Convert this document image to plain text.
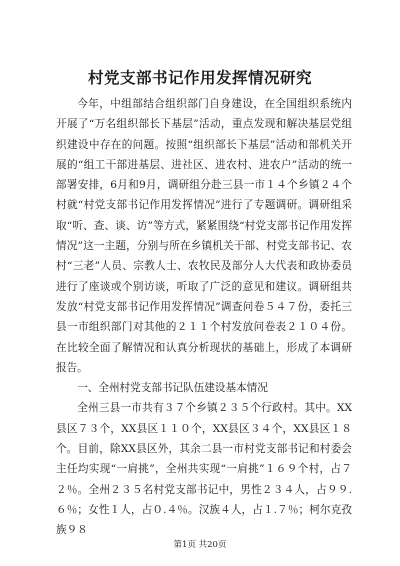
村党支部书记作用发挥情况研究

今年，中组部结合组织部门自身建设，在全国组织系统内开展了“万名组织部长下基层”活动，重点发现和解决基层党组织建设中存在的问题。按照“组织部长下基层”活动和部机关开展的“组工干部进基层、进社区、进农村、进农户”活动的统一部署安排，6月和9月，调研组分赴三县一市１４个乡镇２４个村就“村党支部书记作用发挥情况”进行了专题调研。调研组采取“听、查、谈、访”等方式，紧紧围绕“村党支部书记作用发挥情况”这一主题，分别与所在乡镇机关干部、村党支部书记、农村“三老”人员、宗教人士、农牧民及部分人大代表和政协委员进行了座谈或个别访谈，听取了广泛的意见和建议。调研组共发放“村党支部书记作用发挥情况”调查问卷５４７份，委托三县一市组织部门对其他的２１１个村发放问卷表２１０４份。在比较全面了解情况和认真分析现状的基础上，形成了本调研报告。

一、全州村党支部书记队伍建设基本情况

全州三县一市共有３７个乡镇２３５个行政村。其中。XX县区７３个，XX县区１１０个，XX县区３４个，XX县区１８个。目前，除XX县区外，其余二县一市村党支部书记和村委会主任均实现“一肩挑”，全州共实现“一肩挑”１６９个村，占７２％。全州２３５名村党支部书记中，男性２３４人，占９９.６％；女性１人，占０.４％。汉族４人，占１.７％；柯尔克孜族９８

第1页 共20页
